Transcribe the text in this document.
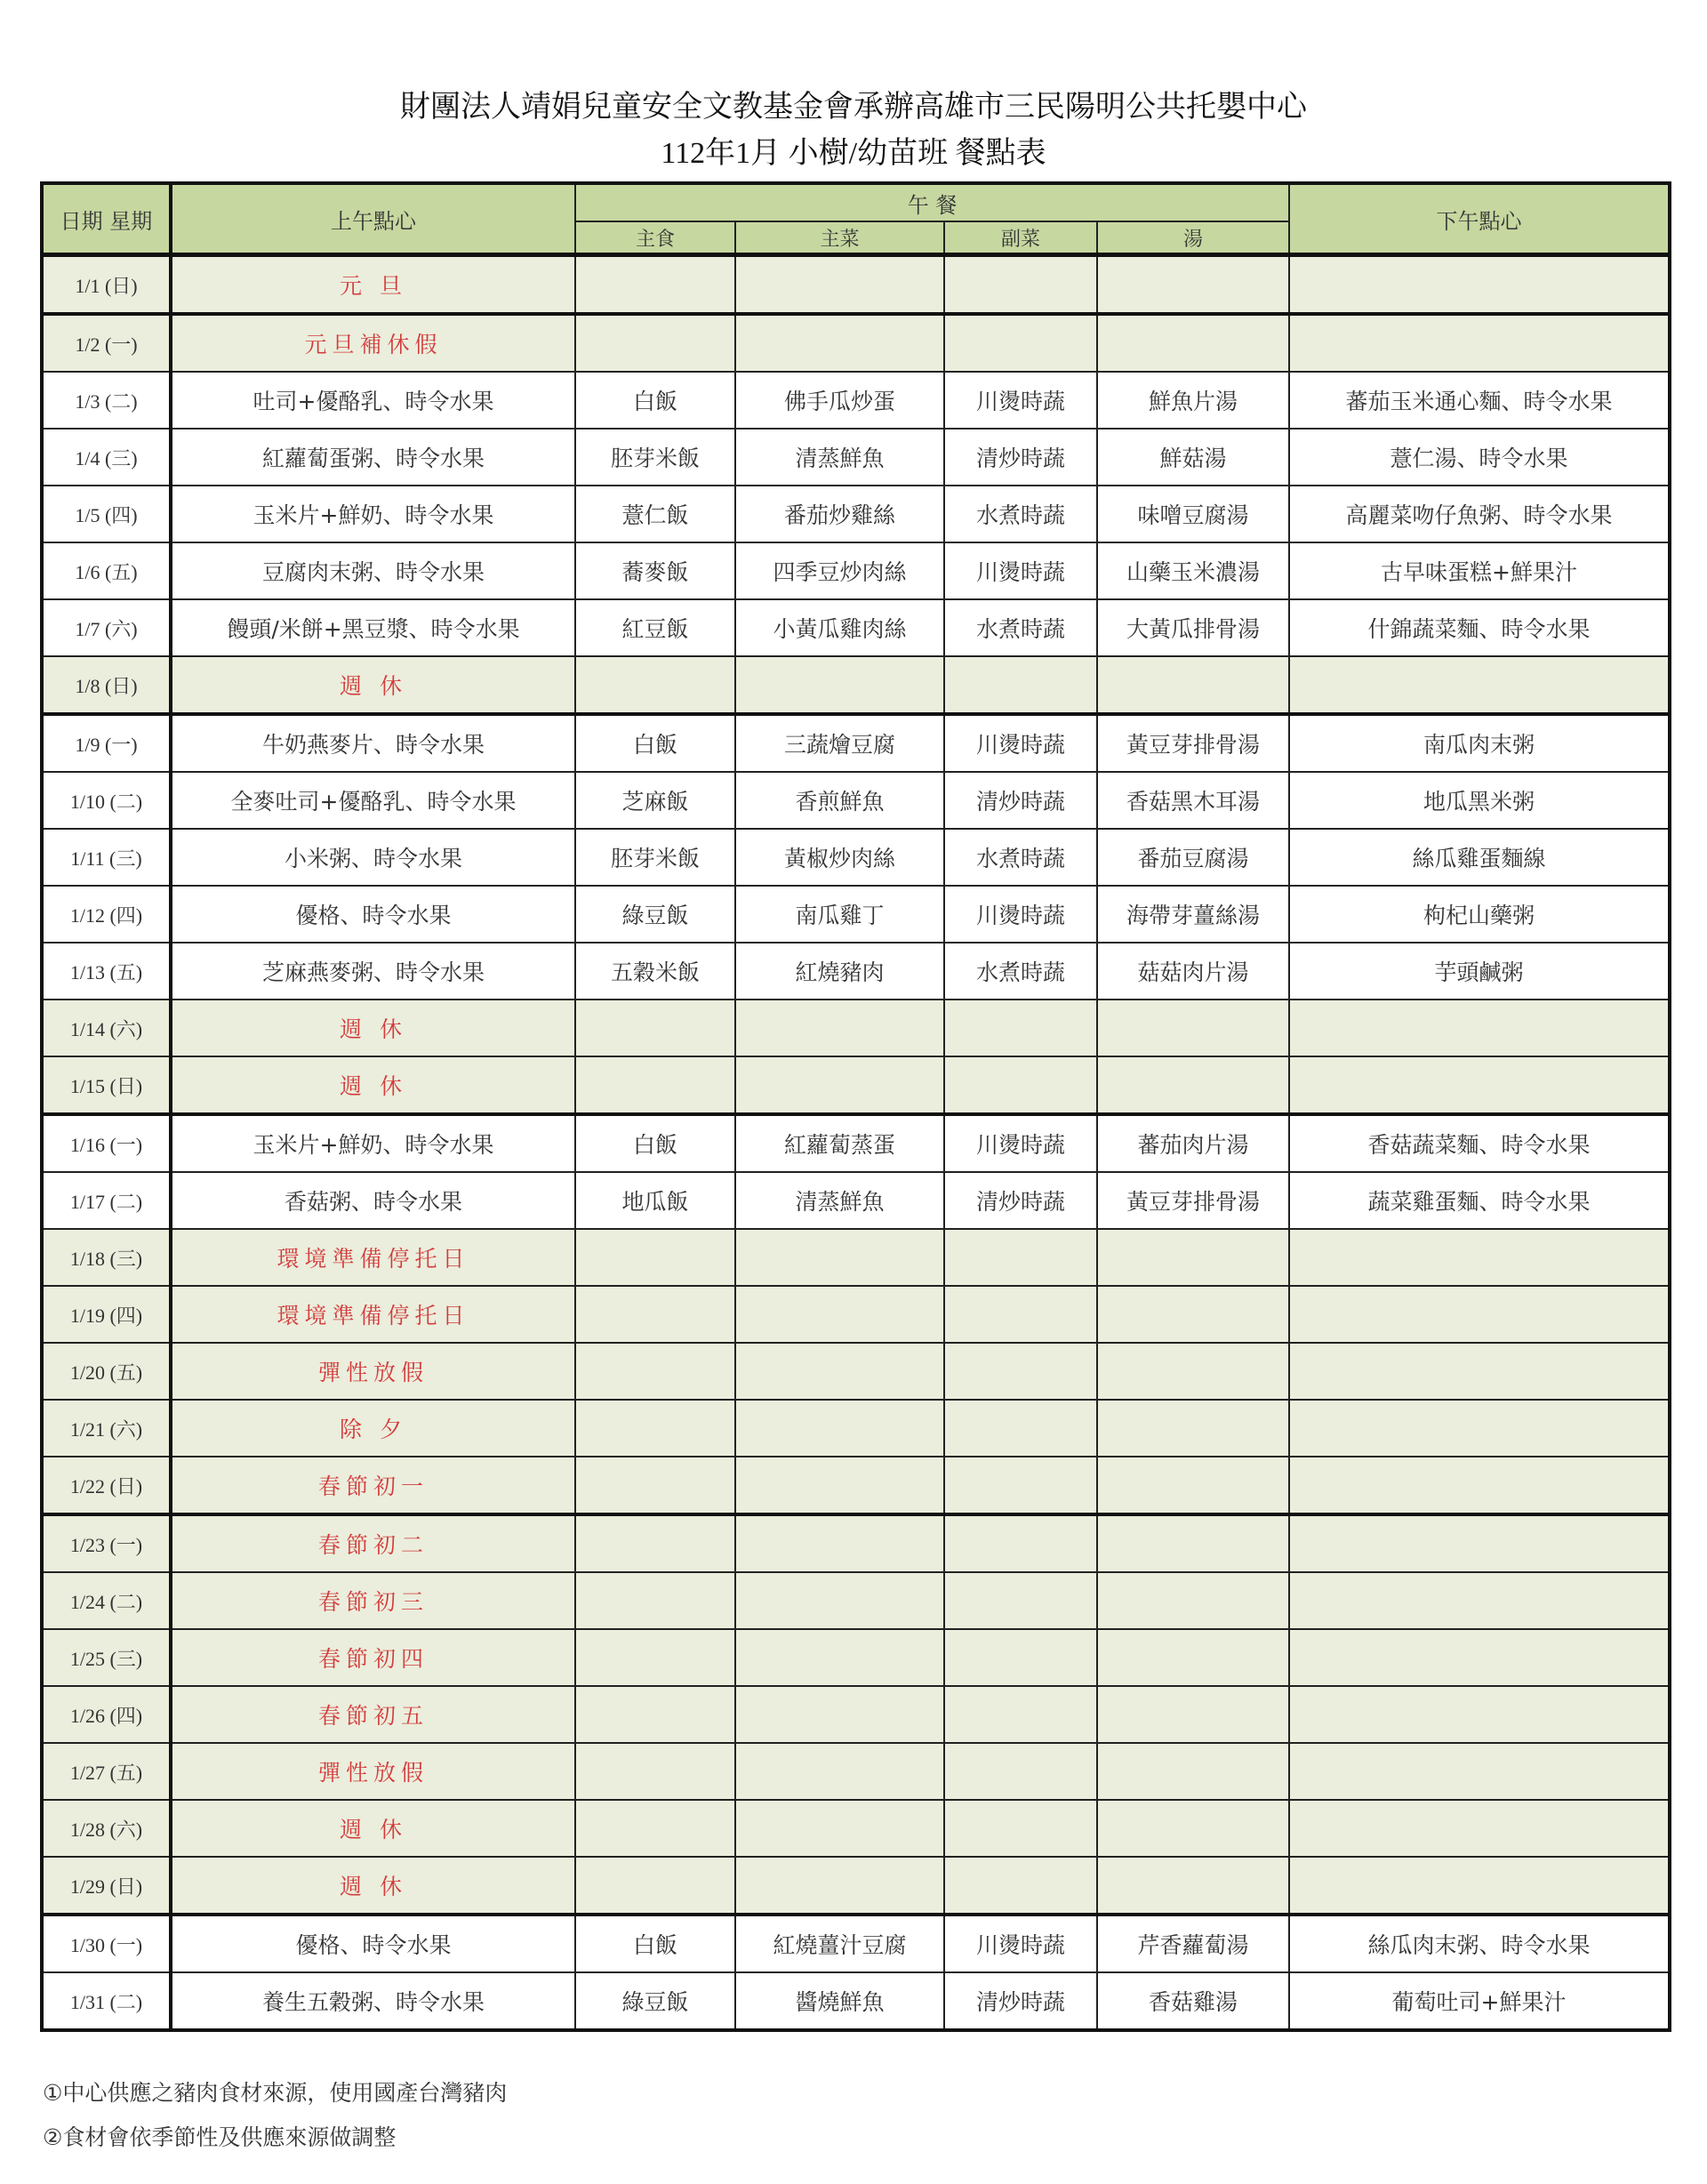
財團法人靖娟兒童安全文教基金會承辦高雄市三民陽明公共托嬰中心
112年1月 小樹/幼苗班 餐點表
日期 星期	上午點心	午 餐				下午點心
		主食	主菜	副菜	湯	
1/1 (日)	元 旦					
1/2 (一)	元旦補休假					
1/3 (二)	吐司+優酪乳、時令水果	白飯	佛手瓜炒蛋	川燙時蔬	鮮魚片湯	蕃茄玉米通心麵、時令水果
1/4 (三)	紅蘿蔔蛋粥、時令水果	胚芽米飯	清蒸鮮魚	清炒時蔬	鮮菇湯	薏仁湯、時令水果
1/5 (四)	玉米片+鮮奶、時令水果	薏仁飯	番茄炒雞絲	水煮時蔬	味噌豆腐湯	高麗菜吻仔魚粥、時令水果
1/6 (五)	豆腐肉末粥、時令水果	蕎麥飯	四季豆炒肉絲	川燙時蔬	山藥玉米濃湯	古早味蛋糕+鮮果汁
1/7 (六)	饅頭/米餅+黑豆漿、時令水果	紅豆飯	小黃瓜雞肉絲	水煮時蔬	大黃瓜排骨湯	什錦蔬菜麵、時令水果
1/8 (日)	週 休					
1/9 (一)	牛奶燕麥片、時令水果	白飯	三蔬燴豆腐	川燙時蔬	黃豆芽排骨湯	南瓜肉末粥
1/10 (二)	全麥吐司+優酪乳、時令水果	芝麻飯	香煎鮮魚	清炒時蔬	香菇黑木耳湯	地瓜黑米粥
1/11 (三)	小米粥、時令水果	胚芽米飯	黃椒炒肉絲	水煮時蔬	番茄豆腐湯	絲瓜雞蛋麵線
1/12 (四)	優格、時令水果	綠豆飯	南瓜雞丁	川燙時蔬	海帶芽薑絲湯	枸杞山藥粥
1/13 (五)	芝麻燕麥粥、時令水果	五穀米飯	紅燒豬肉	水煮時蔬	菇菇肉片湯	芋頭鹹粥
1/14 (六)	週 休					
1/15 (日)	週 休					
1/16 (一)	玉米片+鮮奶、時令水果	白飯	紅蘿蔔蒸蛋	川燙時蔬	蕃茄肉片湯	香菇蔬菜麵、時令水果
1/17 (二)	香菇粥、時令水果	地瓜飯	清蒸鮮魚	清炒時蔬	黃豆芽排骨湯	蔬菜雞蛋麵、時令水果
1/18 (三)	環境準備停托日					
1/19 (四)	環境準備停托日					
1/20 (五)	彈性放假					
1/21 (六)	除 夕					
1/22 (日)	春節初一					
1/23 (一)	春節初二					
1/24 (二)	春節初三					
1/25 (三)	春節初四					
1/26 (四)	春節初五					
1/27 (五)	彈性放假					
1/28 (六)	週 休					
1/29 (日)	週 休					
1/30 (一)	優格、時令水果	白飯	紅燒薑汁豆腐	川燙時蔬	芹香蘿蔔湯	絲瓜肉末粥、時令水果
1/31 (二)	養生五穀粥、時令水果	綠豆飯	醬燒鮮魚	清炒時蔬	香菇雞湯	葡萄吐司+鮮果汁
①中心供應之豬肉食材來源，使用國產台灣豬肉
②食材會依季節性及供應來源做調整
